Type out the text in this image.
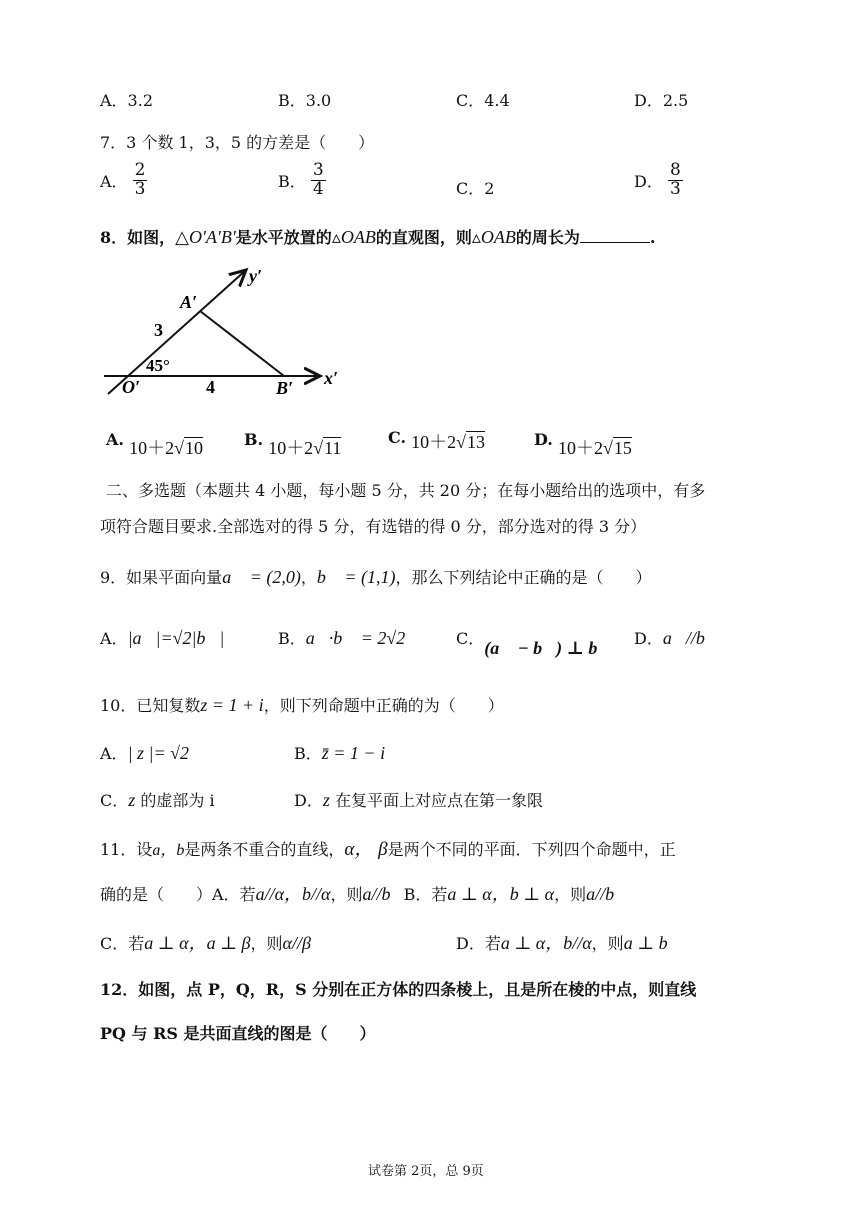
A．3.2	B．3.0	C．4.4	D．2.5
7．3 个数 1，3，5 的方差是（　　）
A． $\frac{2}{3}$	B． $\frac{3}{4}$	C．2	D． $\frac{8}{3}$
8．如图，△O′A′B′是水平放置的▵OAB的直观图，则▵OAB的周长为	.
y′
A′
3
45°
O′	4	B′ x′
A. 10＋2√10	B. 10＋2√11
C. 10＋2√13	D. 10＋2√15
二、多选题（本题共 4 小题，每小题 5 分，共 20 分；在每小题给出的选项中，有多
项符合题目要求.全部选对的得 5 分，有选错的得 0 分，部分选对的得 3 分）
9．如果平面向量a⃗ = (2,0)，b⃗ = (1,1)，那么下列结论中正确的是（　　）
A．|a⃗|=√2|b⃗|	B．a⃗·b⃗ = 2√2	C．(a⃗ − b⃗) ⊥ b⃗ D．a⃗//b⃗
10．已知复数z = 1 + i，则下列命题中正确的为（　　）
A．| z |= √2	B．z̄ = 1 − i
C．z 的虚部为 i	D．z 在复平面上对应点在第一象限
11．设a，b是两条不重合的直线，α， β是两个不同的平面．下列四个命题中，正
确的是（　　）A．若a//α，b//α，则a//b B．若a ⊥ α，b ⊥ α，则a//b
C．若a ⊥ α，a ⊥ β，则α//β	D．若a ⊥ α，b//α，则a ⊥ b
12．如图，点 P，Q，R，S 分别在正方体的四条棱上，且是所在棱的中点，则直线
PQ 与 RS 是共面直线的图是（　　）
试卷第 2页，总 9页
